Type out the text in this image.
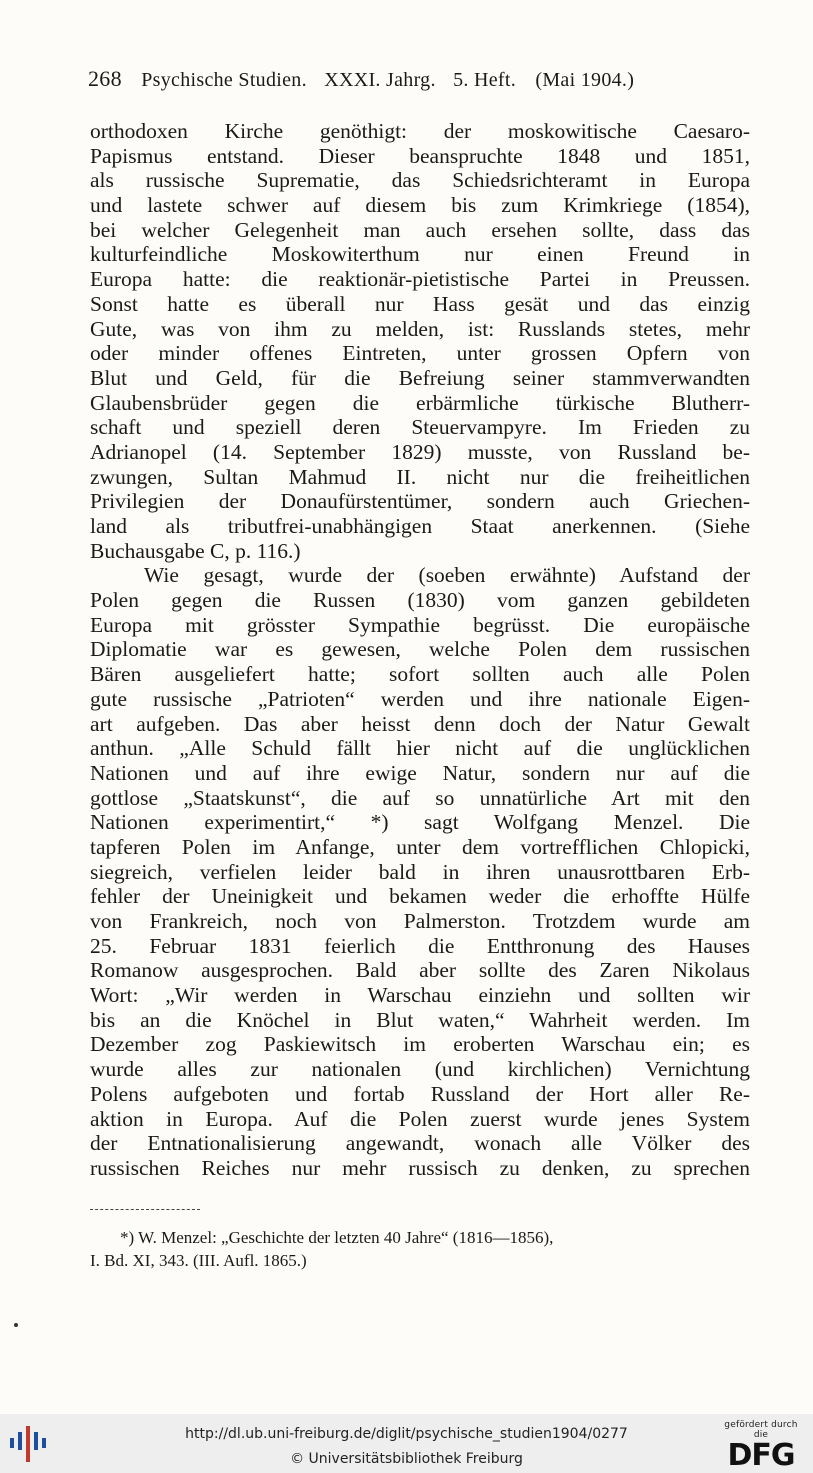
268 Psychische Studien. XXXI. Jahrg. 5. Heft. (Mai 1904.)
orthodoxen Kirche genöthigt: der moskowitische Caesaro-
Papismus entstand. Dieser beanspruchte 1848 und 1851,
als russische Suprematie, das Schiedsrichteramt in Europa
und lastete schwer auf diesem bis zum Krimkriege (1854),
bei welcher Gelegenheit man auch ersehen sollte, dass das
kulturfeindliche Moskowiterthum nur einen Freund in
Europa hatte: die reaktionär-pietistische Partei in Preussen.
Sonst hatte es überall nur Hass gesät und das einzig
Gute, was von ihm zu melden, ist: Russlands stetes, mehr
oder minder offenes Eintreten, unter grossen Opfern von
Blut und Geld, für die Befreiung seiner stammverwandten
Glaubensbrüder gegen die erbärmliche türkische Blutherr-
schaft und speziell deren Steuervampyre. Im Frieden zu
Adrianopel (14. September 1829) musste, von Russland be-
zwungen, Sultan Mahmud II. nicht nur die freiheitlichen
Privilegien der Donaufürstentümer, sondern auch Griechen-
land als tributfrei-unabhängigen Staat anerkennen. (Siehe
Buchausgabe C, p. 116.)
Wie gesagt, wurde der (soeben erwähnte) Aufstand der
Polen gegen die Russen (1830) vom ganzen gebildeten
Europa mit grösster Sympathie begrüsst. Die europäische
Diplomatie war es gewesen, welche Polen dem russischen
Bären ausgeliefert hatte; sofort sollten auch alle Polen
gute russische „Patrioten“ werden und ihre nationale Eigen-
art aufgeben. Das aber heisst denn doch der Natur Gewalt
anthun. „Alle Schuld fällt hier nicht auf die unglücklichen
Nationen und auf ihre ewige Natur, sondern nur auf die
gottlose „Staatskunst“, die auf so unnatürliche Art mit den
Nationen experimentirt,“ *) sagt Wolfgang Menzel. Die
tapferen Polen im Anfange, unter dem vortrefflichen Chlopicki,
siegreich, verfielen leider bald in ihren unausrottbaren Erb-
fehler der Uneinigkeit und bekamen weder die erhoffte Hülfe
von Frankreich, noch von Palmerston. Trotzdem wurde am
25. Februar 1831 feierlich die Entthronung des Hauses
Romanow ausgesprochen. Bald aber sollte des Zaren Nikolaus
Wort: „Wir werden in Warschau einziehn und sollten wir
bis an die Knöchel in Blut waten,“ Wahrheit werden. Im
Dezember zog Paskiewitsch im eroberten Warschau ein; es
wurde alles zur nationalen (und kirchlichen) Vernichtung
Polens aufgeboten und fortab Russland der Hort aller Re-
aktion in Europa. Auf die Polen zuerst wurde jenes System
der Entnationalisierung angewandt, wonach alle Völker des
russischen Reiches nur mehr russisch zu denken, zu sprechen
*) W. Menzel: „Geschichte der letzten 40 Jahre“ (1816—1856),
I. Bd. XI, 343. (III. Aufl. 1865.)
http://dl.ub.uni-freiburg.de/diglit/psychische_studien1904/0277
© Universitätsbibliothek Freiburg
gefördert durch die
DFG
